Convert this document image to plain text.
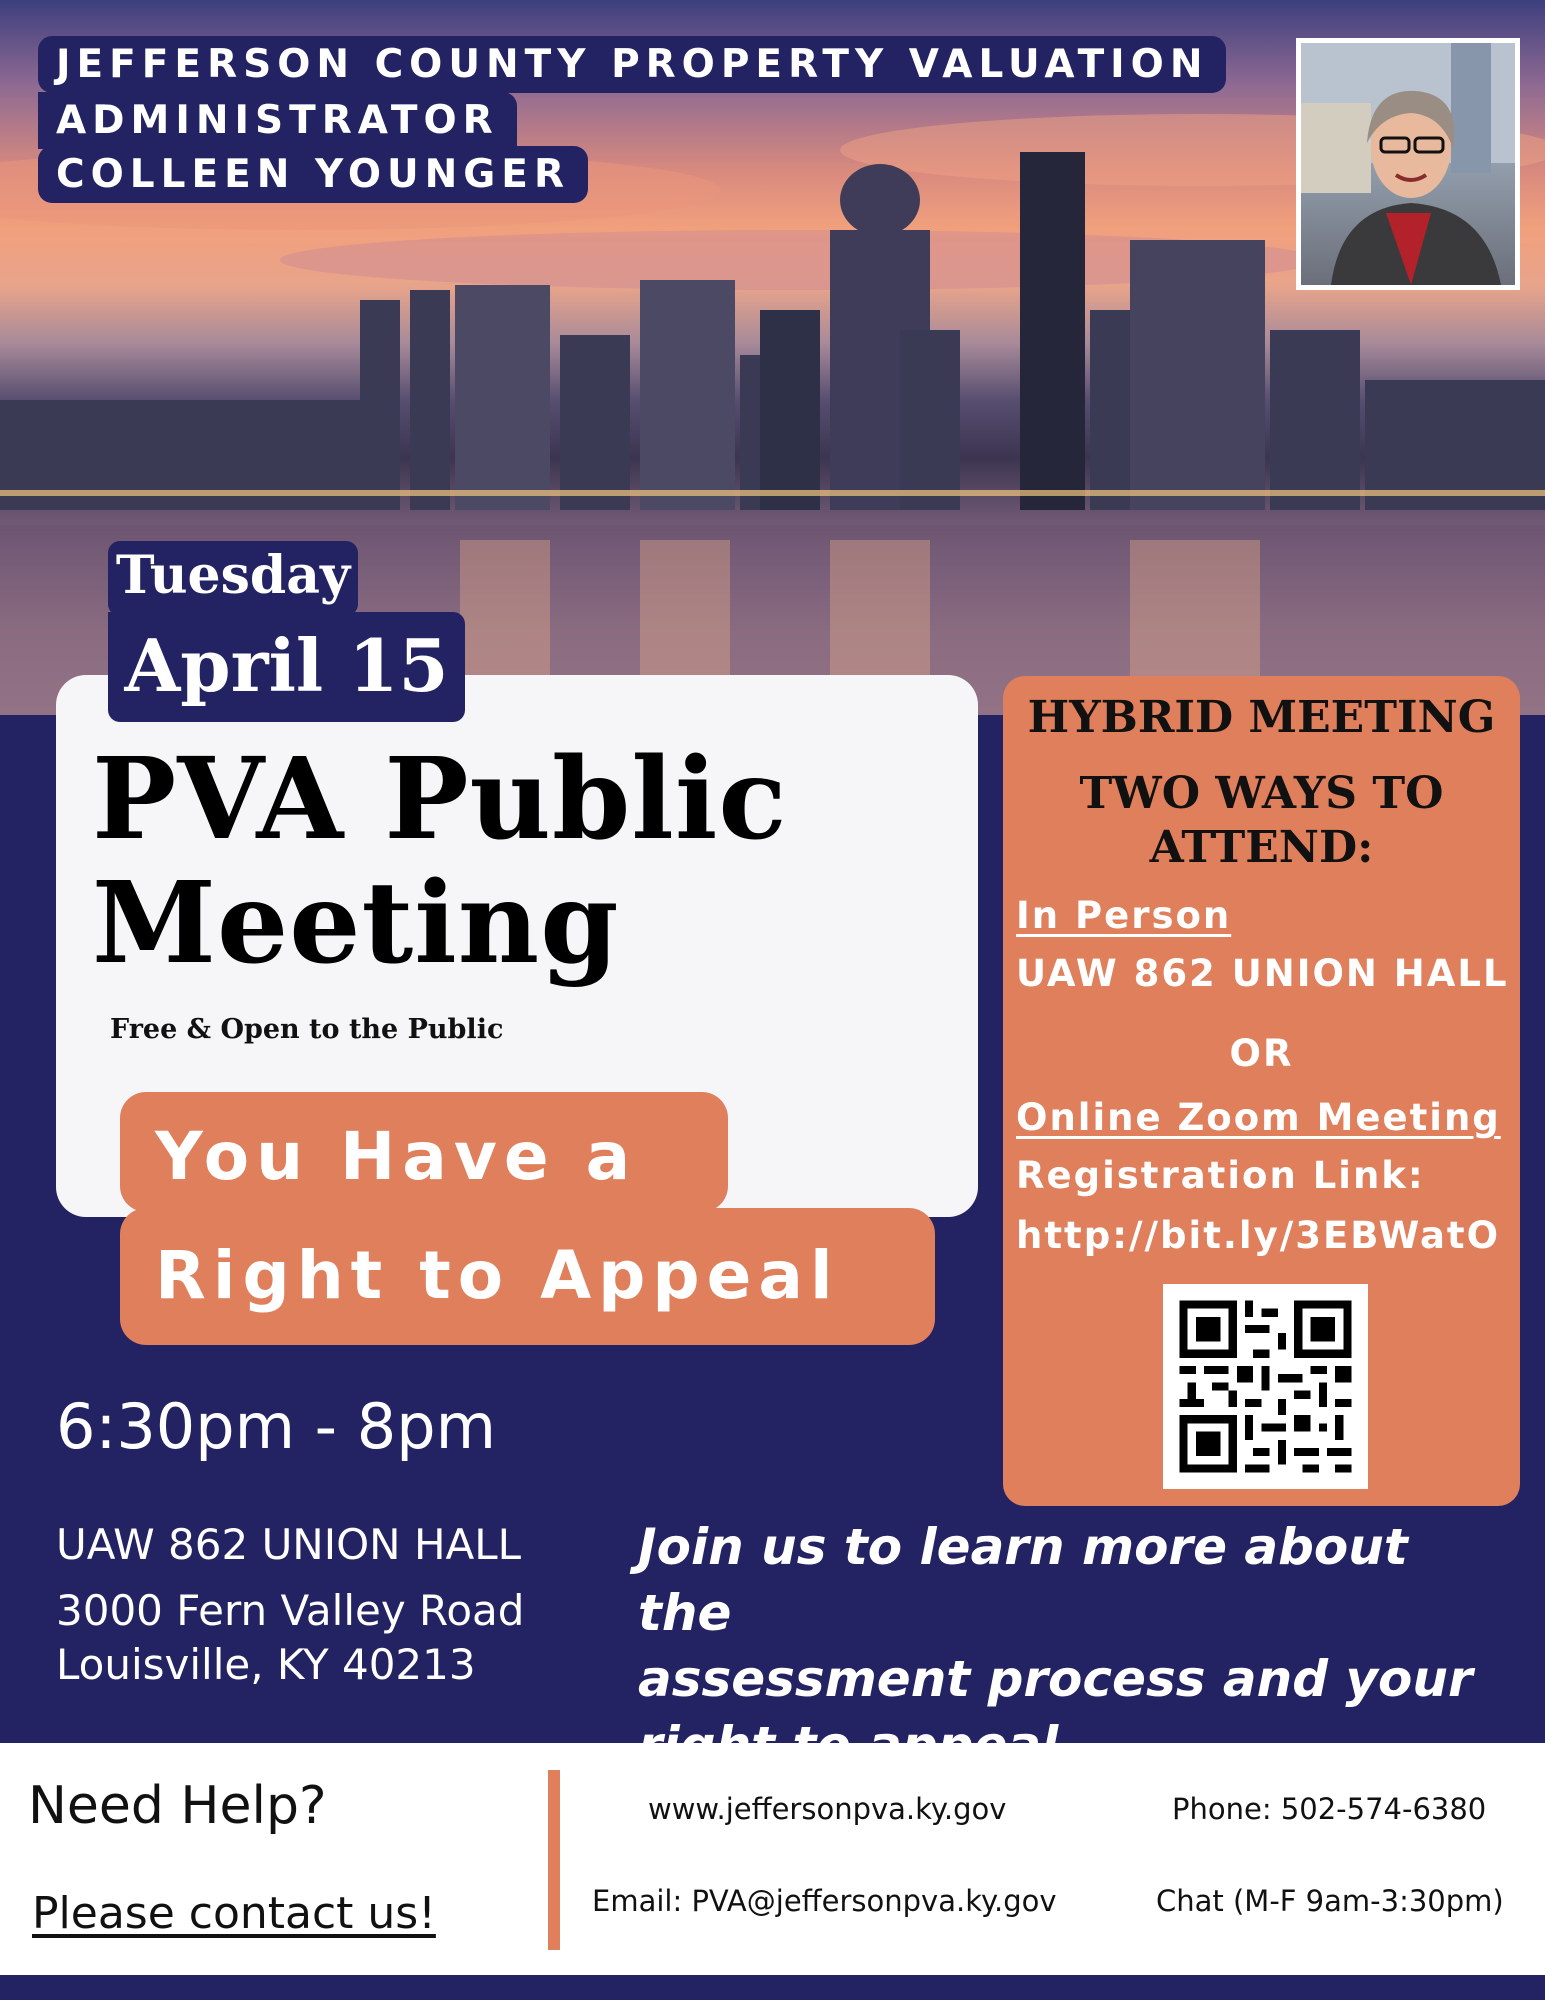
JEFFERSON COUNTY PROPERTY VALUATION
ADMINISTRATOR
COLLEEN YOUNGER
Tuesday
April 15
PVA Public
Meeting
Free & Open to the Public
You Have a
Right to Appeal
HYBRID MEETING
TWO WAYS TO
ATTEND:
In Person
UAW 862 UNION HALL
OR
Online Zoom Meeting
Registration Link:
http://bit.ly/3EBWatO
6:30pm - 8pm
UAW 862 UNION HALL
3000 Fern Valley Road
Louisville, KY 40213
Join us to learn more about the
assessment process and your
Need Help?
Please contact us!
www.jeffersonpva.ky.gov	Phone: 502-574-6380
Email: PVA@jeffersonpva.ky.gov	Chat (M-F 9am-3:30pm)
